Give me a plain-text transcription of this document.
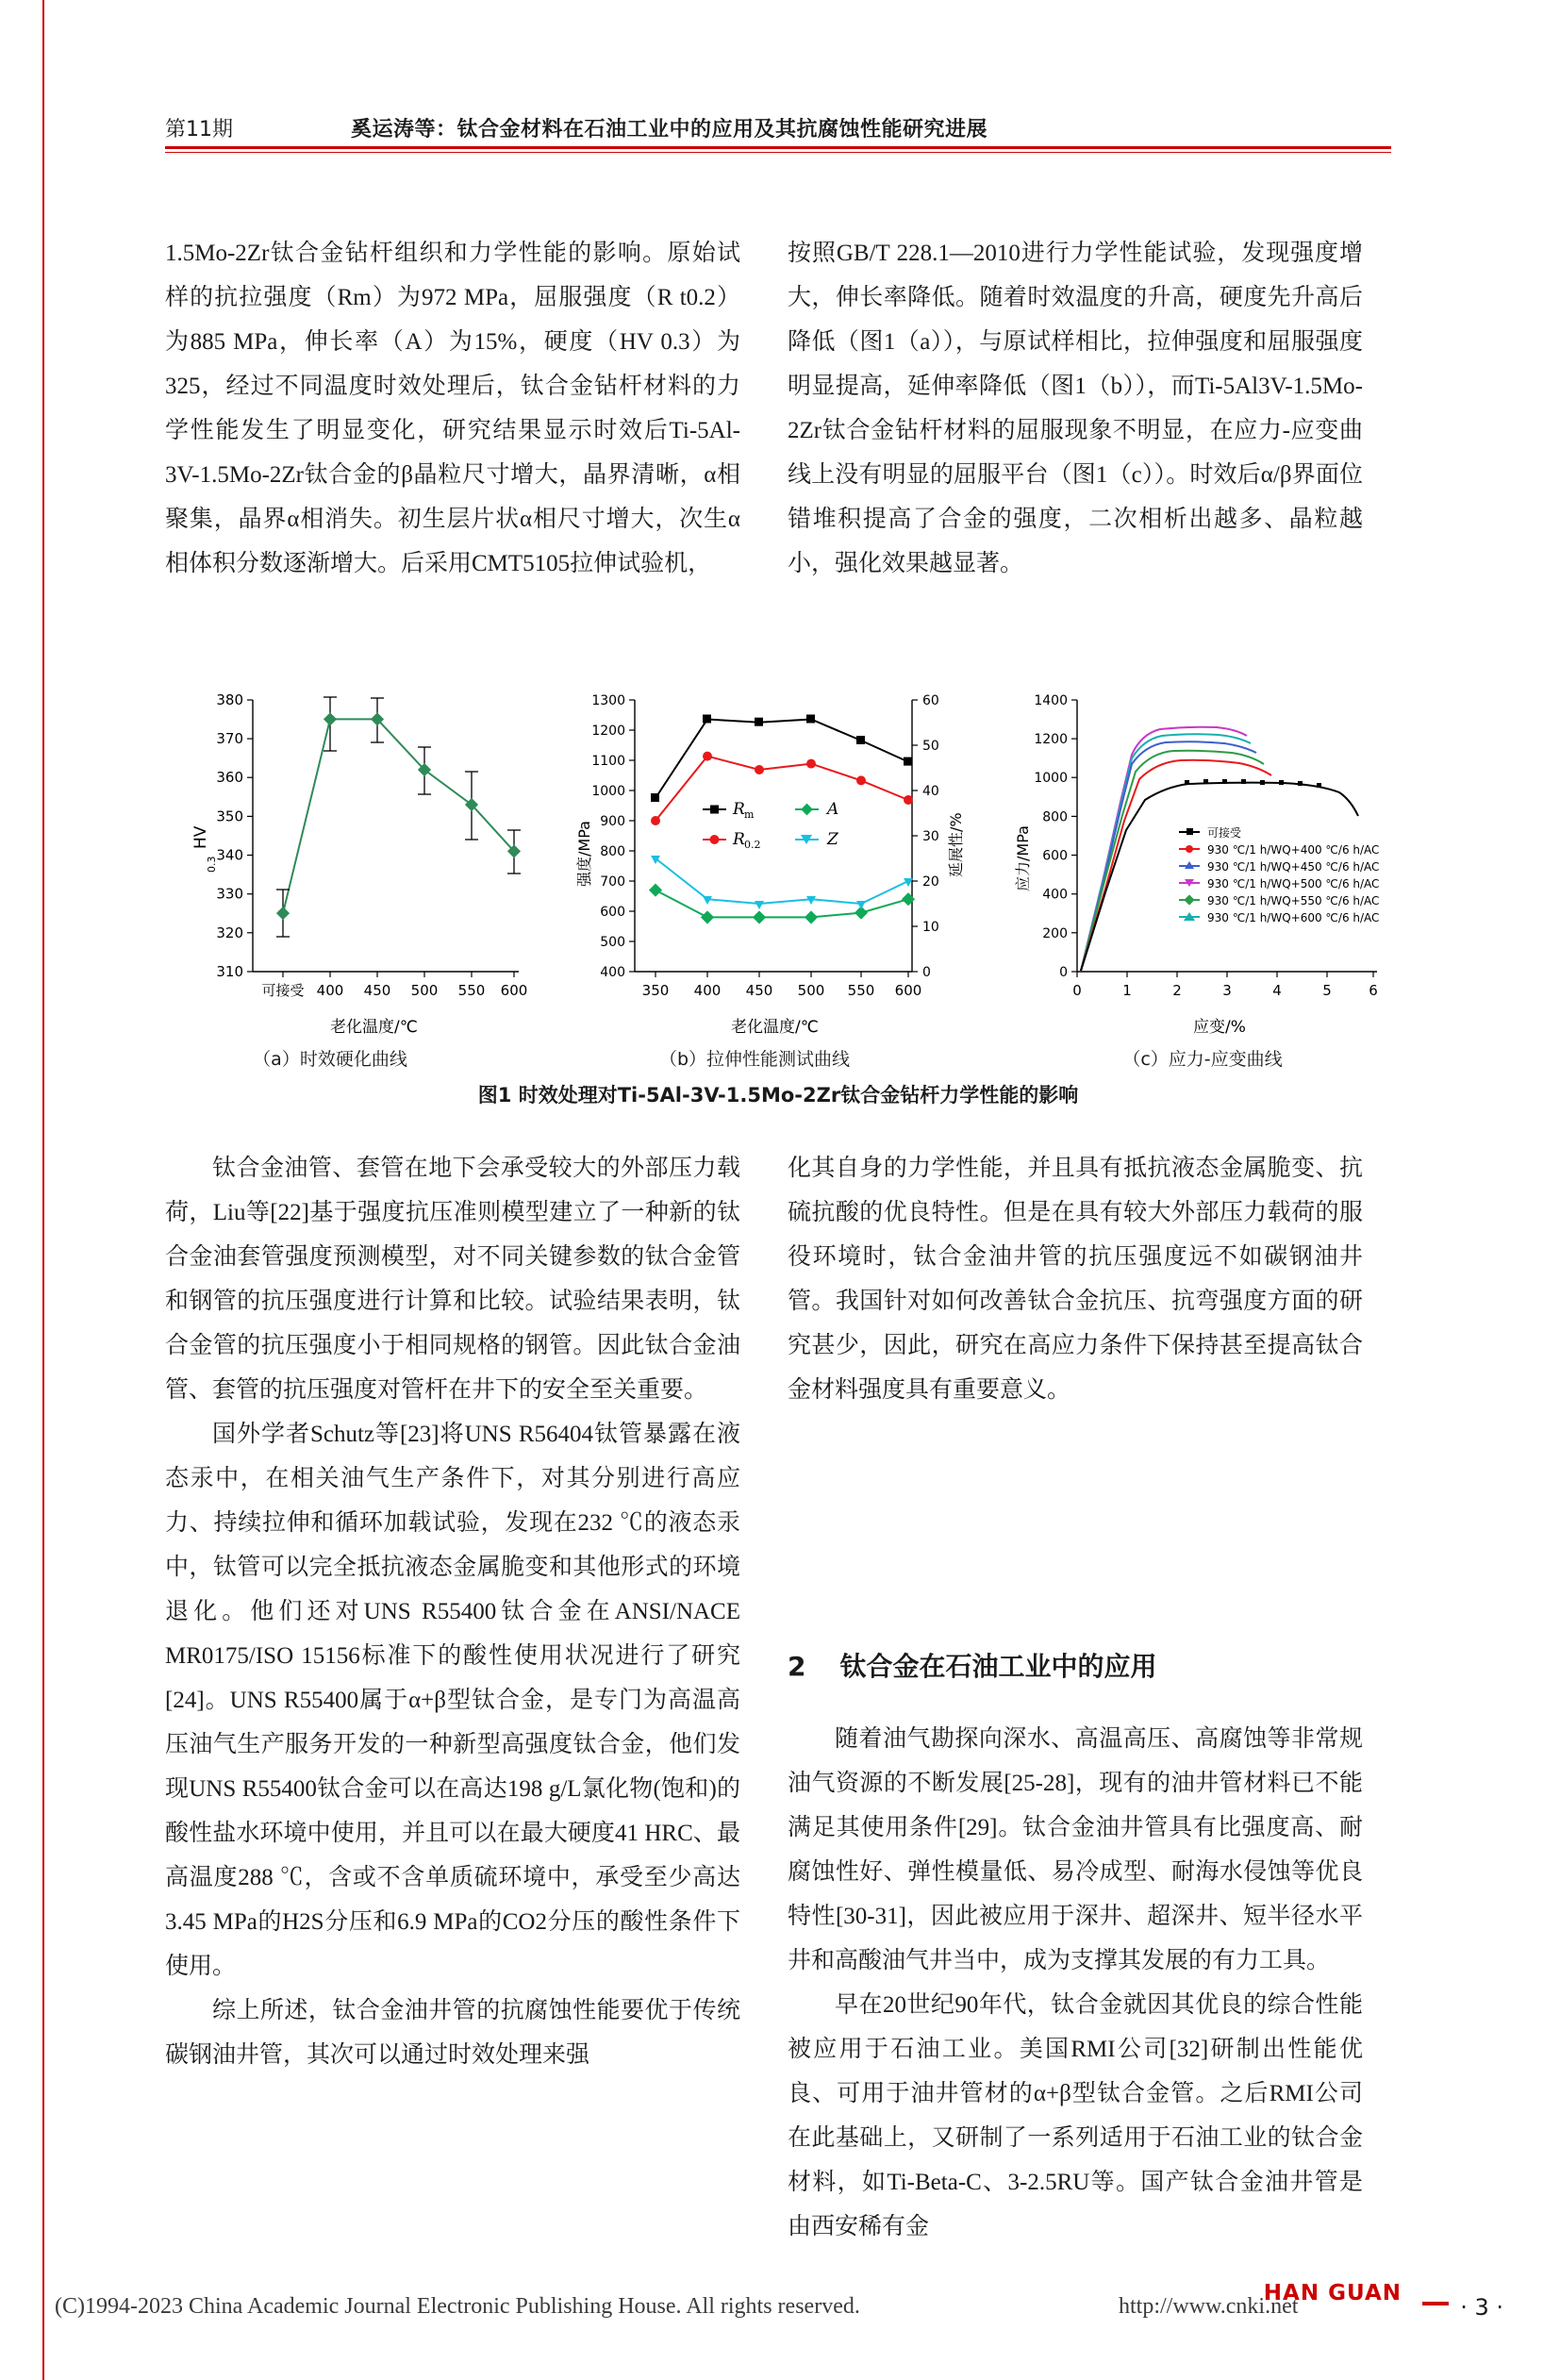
第11期	奚运涛等：钛合金材料在石油工业中的应用及其抗腐蚀性能研究进展

1.5Mo-2Zr钛合金钻杆组织和力学性能的影响。原始试样的抗拉强度（Rm）为972 MPa，屈服强度（R t0.2）为885 MPa，伸长率（A）为15%，硬度（HV 0.3）为325，经过不同温度时效处理后，钛合金钻杆材料的力学性能发生了明显变化，研究结果显示时效后Ti-5Al-3V-1.5Mo-2Zr钛合金的β晶粒尺寸增大，晶界清晰，α相聚集，晶界α相消失。初生层片状α相尺寸增大，次生α相体积分数逐渐增大。后采用CMT5105拉伸试验机，

按照GB/T 228.1—2010进行力学性能试验，发现强度增大，伸长率降低。随着时效温度的升高，硬度先升高后降低（图1（a）），与原试样相比，拉伸强度和屈服强度明显提高，延伸率降低（图1（b）），而Ti-5Al3V-1.5Mo-2Zr钛合金钻杆材料的屈服现象不明显，在应力-应变曲线上没有明显的屈服平台（图1（c））。时效后α/β界面位错堆积提高了合金的强度，二次相析出越多、晶粒越小，强化效果越显著。

310
320
330
340
350
360
370
380
可接受 400 450 500 550 600
HV
0.3
老化温度/℃
（a）时效硬化曲线
400
500
600
700
800
900
1000
1100
1200
1300
0
10
20
30
40
50
60
350 400 450 500 550 600
R m
R 0.2
A
Z
强度/MPa	延展性/%
老化温度/℃
（b）拉伸性能测试曲线
0
200
400
600
800
1000
1200
1400
0	1	2	3	4	5	6
可接受
930 ℃/1 h/WQ+400 ℃/6 h/AC
930 ℃/1 h/WQ+450 ℃/6 h/AC
930 ℃/1 h/WQ+500 ℃/6 h/AC
930 ℃/1 h/WQ+550 ℃/6 h/AC
930 ℃/1 h/WQ+600 ℃/6 h/AC
应力/MPa
应变/%
（c）应力-应变曲线
图1 时效处理对Ti-5Al-3V-1.5Mo-2Zr钛合金钻杆力学性能的影响

钛合金油管、套管在地下会承受较大的外部压力载荷，Liu等[22]基于强度抗压准则模型建立了一种新的钛合金油套管强度预测模型，对不同关键参数的钛合金管和钢管的抗压强度进行计算和比较。试验结果表明，钛合金管的抗压强度小于相同规格的钢管。因此钛合金油管、套管的抗压强度对管杆在井下的安全至关重要。

国外学者Schutz等[23]将UNS R56404钛管暴露在液态汞中，在相关油气生产条件下，对其分别进行高应力、持续拉伸和循环加载试验，发现在232 ℃的液态汞中，钛管可以完全抵抗液态金属脆变和其他形式的环境退化。他们还对UNS R55400钛合金在ANSI/NACE MR0175/ISO 15156标准下的酸性使用状况进行了研究[24]。UNS R55400属于α+β型钛合金，是专门为高温高压油气生产服务开发的一种新型高强度钛合金，他们发现UNS R55400钛合金可以在高达198 g/L氯化物(饱和)的酸性盐水环境中使用，并且可以在最大硬度41 HRC、最高温度288 ℃，含或不含单质硫环境中，承受至少高达3.45 MPa的H2S分压和6.9 MPa的CO2分压的酸性条件下使用。

综上所述，钛合金油井管的抗腐蚀性能要优于传统碳钢油井管，其次可以通过时效处理来强

化其自身的力学性能，并且具有抵抗液态金属脆变、抗硫抗酸的优良特性。但是在具有较大外部压力载荷的服役环境时，钛合金油井管的抗压强度远不如碳钢油井管。我国针对如何改善钛合金抗压、抗弯强度方面的研究甚少，因此，研究在高应力条件下保持甚至提高钛合金材料强度具有重要意义。

2 钛合金在石油工业中的应用

随着油气勘探向深水、高温高压、高腐蚀等非常规油气资源的不断发展[25-28]，现有的油井管材料已不能满足其使用条件[29]。钛合金油井管具有比强度高、耐腐蚀性好、弹性模量低、易冷成型、耐海水侵蚀等优良特性[30-31]，因此被应用于深井、超深井、短半径水平井和高酸油气井当中，成为支撑其发展的有力工具。

早在20世纪90年代，钛合金就因其优良的综合性能被应用于石油工业。美国RMI公司[32]研制出性能优良、可用于油井管材的α+β型钛合金管。之后RMI公司在此基础上，又研制了一系列适用于石油工业的钛合金材料，如Ti-Beta-C、3-2.5RU等。国产钛合金油井管是由西安稀有金

(C)1994-2023 China Academic Journal Electronic Publishing House. All rights reserved.	http://www.cnki.net
HAN GUAN
· 3 ·
